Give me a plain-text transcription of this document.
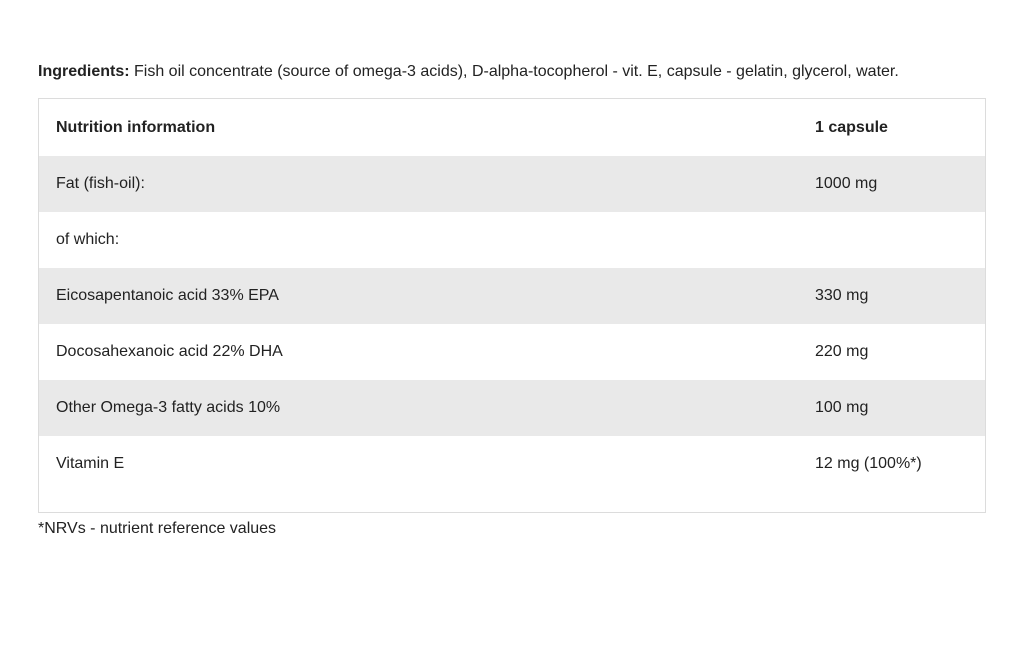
Ingredients: Fish oil concentrate (source of omega-3 acids), D-alpha-tocopherol - vit. E, capsule - gelatin, glycerol, water.
Nutrition information	1 capsule
Fat (fish-oil):	1000 mg
of which:	
Eicosapentanoic acid 33% EPA	330 mg
Docosahexanoic acid 22% DHA	220 mg
Other Omega-3 fatty acids 10%	100 mg
Vitamin E	12 mg (100%*)
*NRVs - nutrient reference values
